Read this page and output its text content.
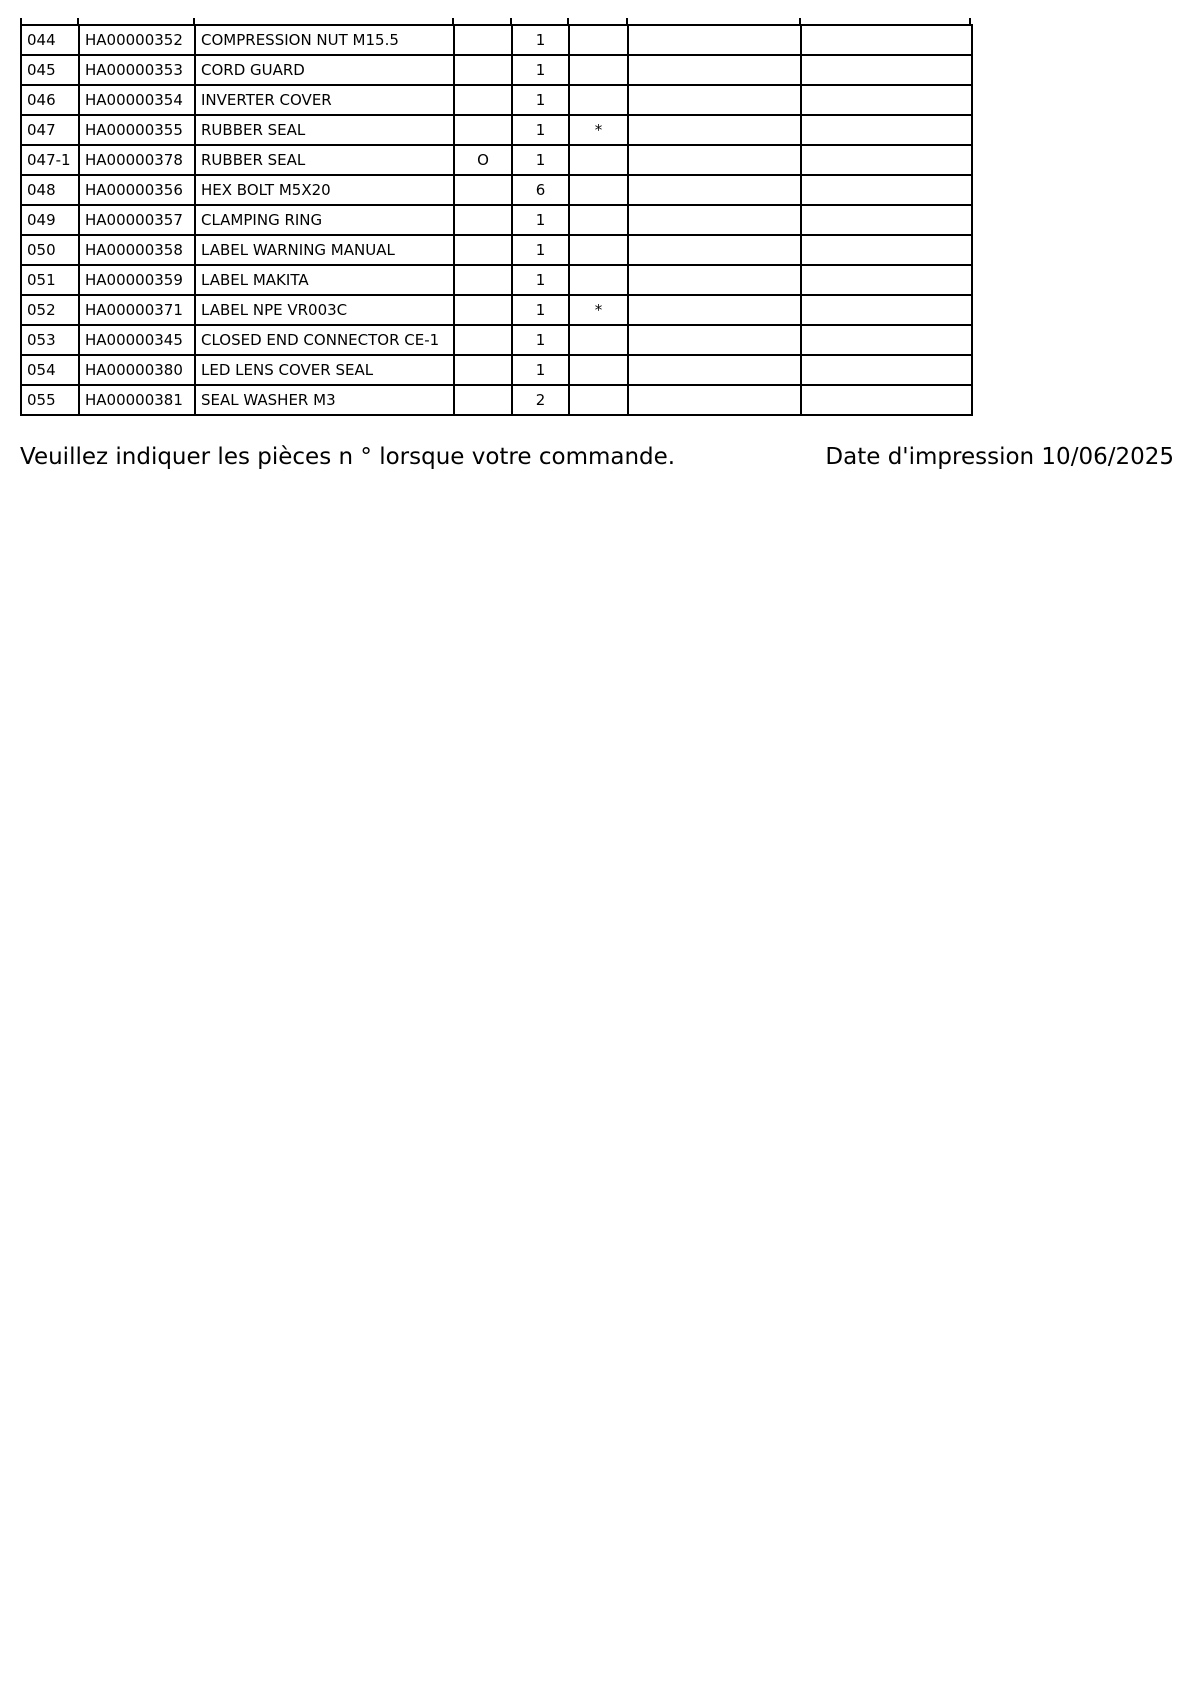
044	HA00000352	COMPRESSION NUT M15.5		1			
045	HA00000353	CORD GUARD		1			
046	HA00000354	INVERTER COVER		1			
047	HA00000355	RUBBER SEAL		1	*		
047-1	HA00000378	RUBBER SEAL	O	1			
048	HA00000356	HEX BOLT M5X20		6			
049	HA00000357	CLAMPING RING		1			
050	HA00000358	LABEL WARNING MANUAL		1			
051	HA00000359	LABEL MAKITA		1			
052	HA00000371	LABEL NPE VR003C		1	*		
053	HA00000345	CLOSED END CONNECTOR CE-1		1			
054	HA00000380	LED LENS COVER SEAL		1			
055	HA00000381	SEAL WASHER M3		2			
Veuillez indiquer les pièces n ° lorsque votre commande.	Date d'impression 10/06/2025
